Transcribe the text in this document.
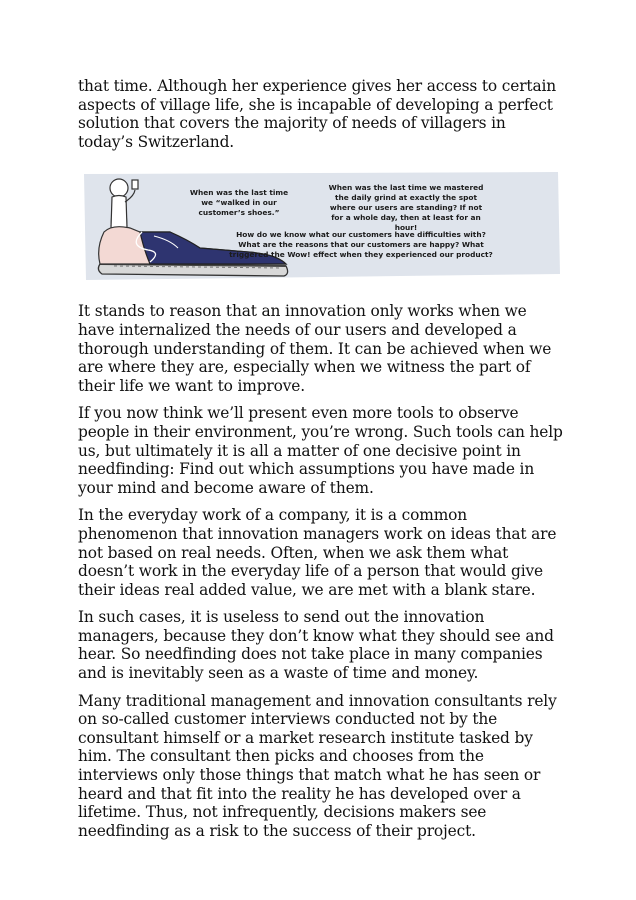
that time. Although her experience gives her access to certain aspects of village life, she is incapable of developing a perfect solution that covers the majority of needs of villagers in today’s Switzerland.

When was the last time we “walked in our customer’s shoes.”
When was the last time we mastered the daily grind at exactly the spot where our users are standing? If not for a whole day, then at least for an hour!
How do we know what our customers have difficulties with? What are the reasons that our customers are happy? What triggered the Wow! effect when they experienced our product?

It stands to reason that an innovation only works when we have internalized the needs of our users and developed a thorough understanding of them. It can be achieved when we are where they are, especially when we witness the part of their life we want to improve.

If you now think we’ll present even more tools to observe people in their environment, you’re wrong. Such tools can help us, but ultimately it is all a matter of one decisive point in needfinding: Find out which assumptions you have made in your mind and become aware of them.

In the everyday work of a company, it is a common phenomenon that innovation managers work on ideas that are not based on real needs. Often, when we ask them what doesn’t work in the everyday life of a person that would give their ideas real added value, we are met with a blank stare.

In such cases, it is useless to send out the innovation managers, because they don’t know what they should see and hear. So needfinding does not take place in many companies and is inevitably seen as a waste of time and money.

Many traditional management and innovation consultants rely on so-called customer interviews conducted not by the consultant himself or a market research institute tasked by him. The consultant then picks and chooses from the interviews only those things that match what he has seen or heard and that fit into the reality he has developed over a lifetime. Thus, not infrequently, decisions makers see needfinding as a risk to the success of their project.
